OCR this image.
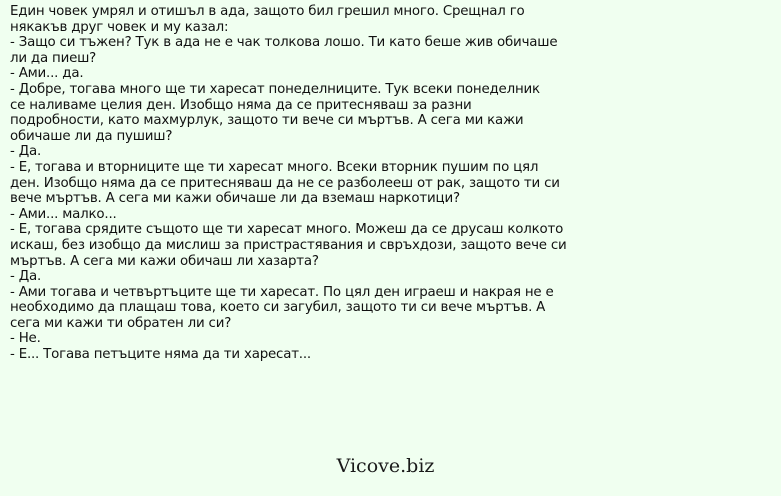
Един човек умрял и отишъл в ада, защото бил грешил много. Срещнал го
някакъв друг човек и му казал:
- Защо си тъжен? Тук в ада не е чак толкова лошо. Ти като беше жив обичаше
ли да пиеш?
- Ами... да.
- Добре, тогава много ще ти харесат понеделниците. Тук всеки понеделник
се наливаме целия ден. Изобщо няма да се притесняваш за разни
подробности, като махмурлук, защото ти вече си мъртъв. А сега ми кажи
обичаше ли да пушиш?
- Да.
- Е, тогава и вторниците ще ти харесат много. Всеки вторник пушим по цял
ден. Изобщо няма да се притесняваш да не се разболееш от рак, защото ти си
вече мъртъв. А сега ми кажи обичаше ли да вземаш наркотици?
- Ами... малко...
- Е, тогава срядите същото ще ти харесат много. Можеш да се друсаш колкото
искаш, без изобщо да мислиш за пристрастявания и свръхдози, защото вече си
мъртъв. А сега ми кажи обичаш ли хазарта?
- Да.
- Ами тогава и четвъртъците ще ти харесат. По цял ден играеш и накрая не е
необходимо да плащаш това, което си загубил, защото ти си вече мъртъв. А
сега ми кажи ти обратен ли си?
- Не.
- Е... Тогава петъците няма да ти харесат...
Vicove.biz
